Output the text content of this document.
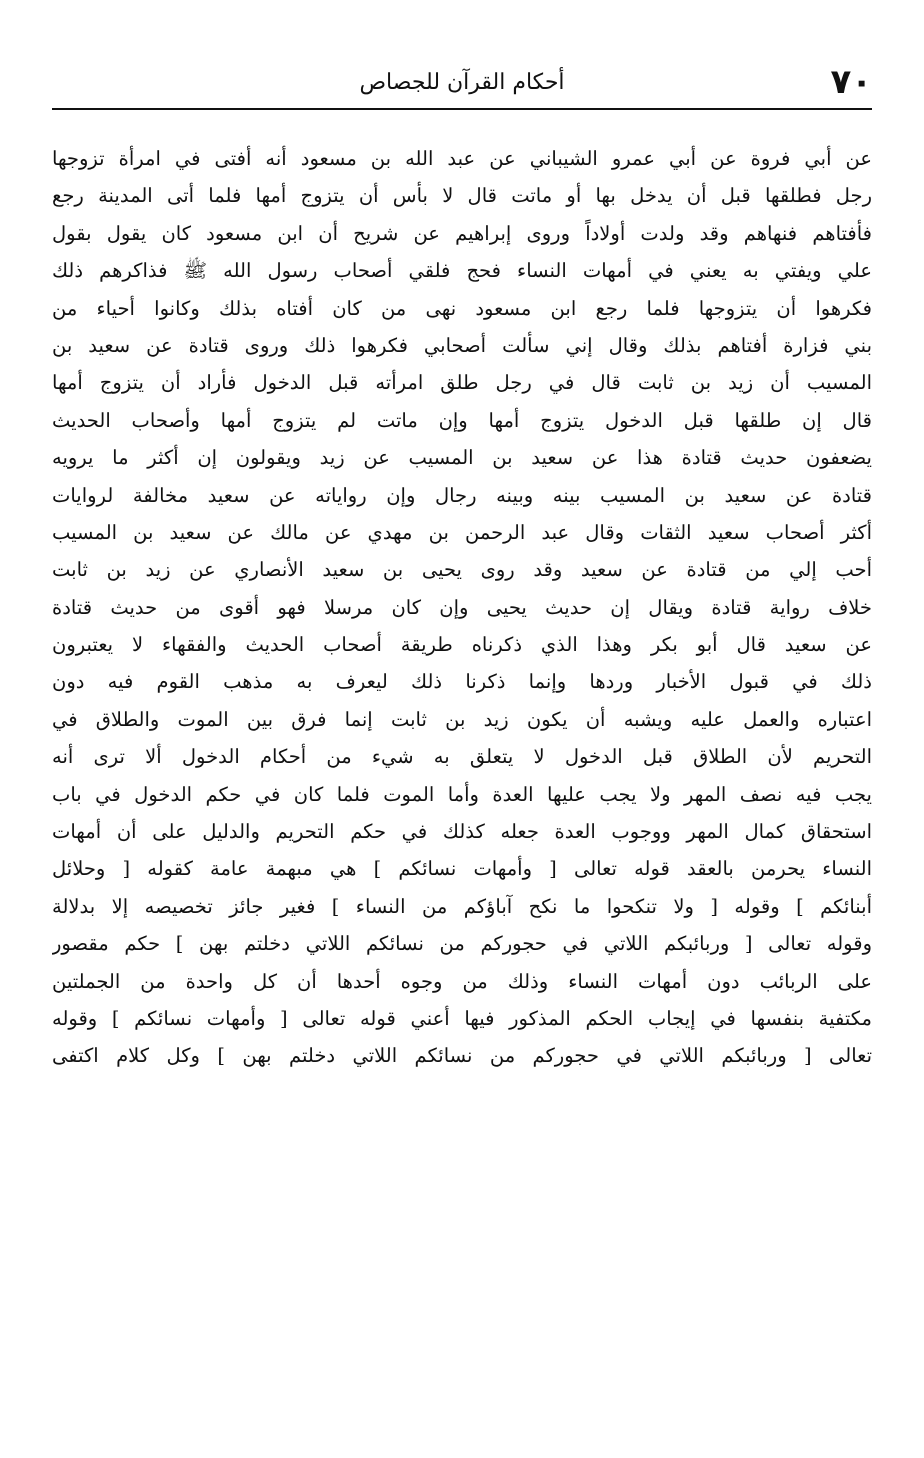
٧٠
أحكام القرآن للجصاص
عن أبي فروة عن أبي عمرو الشيباني عن عبد الله بن مسعود أنه أفتى في امرأة تزوجها
رجل فطلقها قبل أن يدخل بها أو ماتت قال لا بأس أن يتزوج أمها فلما أتى المدينة رجع
فأفتاهم فنهاهم وقد ولدت أولاداً وروى إبراهيم عن شريح أن ابن مسعود كان يقول بقول
علي ويفتي به يعني في أمهات النساء فحج فلقي أصحاب رسول الله ﷺ فذاكرهم ذلك
فكرهوا أن يتزوجها فلما رجع ابن مسعود نهى من كان أفتاه بذلك وكانوا أحياء من
بني فزارة أفتاهم بذلك وقال إني سألت أصحابي فكرهوا ذلك وروى قتادة عن سعيد بن
المسيب أن زيد بن ثابت قال في رجل طلق امرأته قبل الدخول فأراد أن يتزوج أمها
قال إن طلقها قبل الدخول يتزوج أمها وإن ماتت لم يتزوج أمها وأصحاب الحديث
يضعفون حديث قتادة هذا عن سعيد بن المسيب عن زيد ويقولون إن أكثر ما يرويه
قتادة عن سعيد بن المسيب بينه وبينه رجال وإن رواياته عن سعيد مخالفة لروايات
أكثر أصحاب سعيد الثقات وقال عبد الرحمن بن مهدي عن مالك عن سعيد بن المسيب
أحب إلي من قتادة عن سعيد وقد روى يحيى بن سعيد الأنصاري عن زيد بن ثابت
خلاف رواية قتادة ويقال إن حديث يحيى وإن كان مرسلا فهو أقوى من حديث قتادة
عن سعيد قال أبو بكر وهذا الذي ذكرناه طريقة أصحاب الحديث والفقهاء لا يعتبرون
ذلك في قبول الأخبار وردها وإنما ذكرنا ذلك ليعرف به مذهب القوم فيه دون
اعتباره والعمل عليه ويشبه أن يكون زيد بن ثابت إنما فرق بين الموت والطلاق في
التحريم لأن الطلاق قبل الدخول لا يتعلق به شيء من أحكام الدخول ألا ترى أنه
يجب فيه نصف المهر ولا يجب عليها العدة وأما الموت فلما كان في حكم الدخول في باب
استحقاق كمال المهر ووجوب العدة جعله كذلك في حكم التحريم والدليل على أن أمهات
النساء يحرمن بالعقد قوله تعالى [ وأمهات نسائكم ] هي مبهمة عامة كقوله [ وحلائل
أبنائكم ] وقوله [ ولا تنكحوا ما نكح آباؤكم من النساء ] فغير جائز تخصيصه إلا بدلالة
وقوله تعالى [ وربائبكم اللاتي في حجوركم من نسائكم اللاتي دخلتم بهن ] حكم مقصور
على الربائب دون أمهات النساء وذلك من وجوه أحدها أن كل واحدة من الجملتين
مكتفية بنفسها في إيجاب الحكم المذكور فيها أعني قوله تعالى [ وأمهات نسائكم ] وقوله
تعالى [ وربائبكم اللاتي في حجوركم من نسائكم اللاتي دخلتم بهن ] وكل كلام اكتفى
